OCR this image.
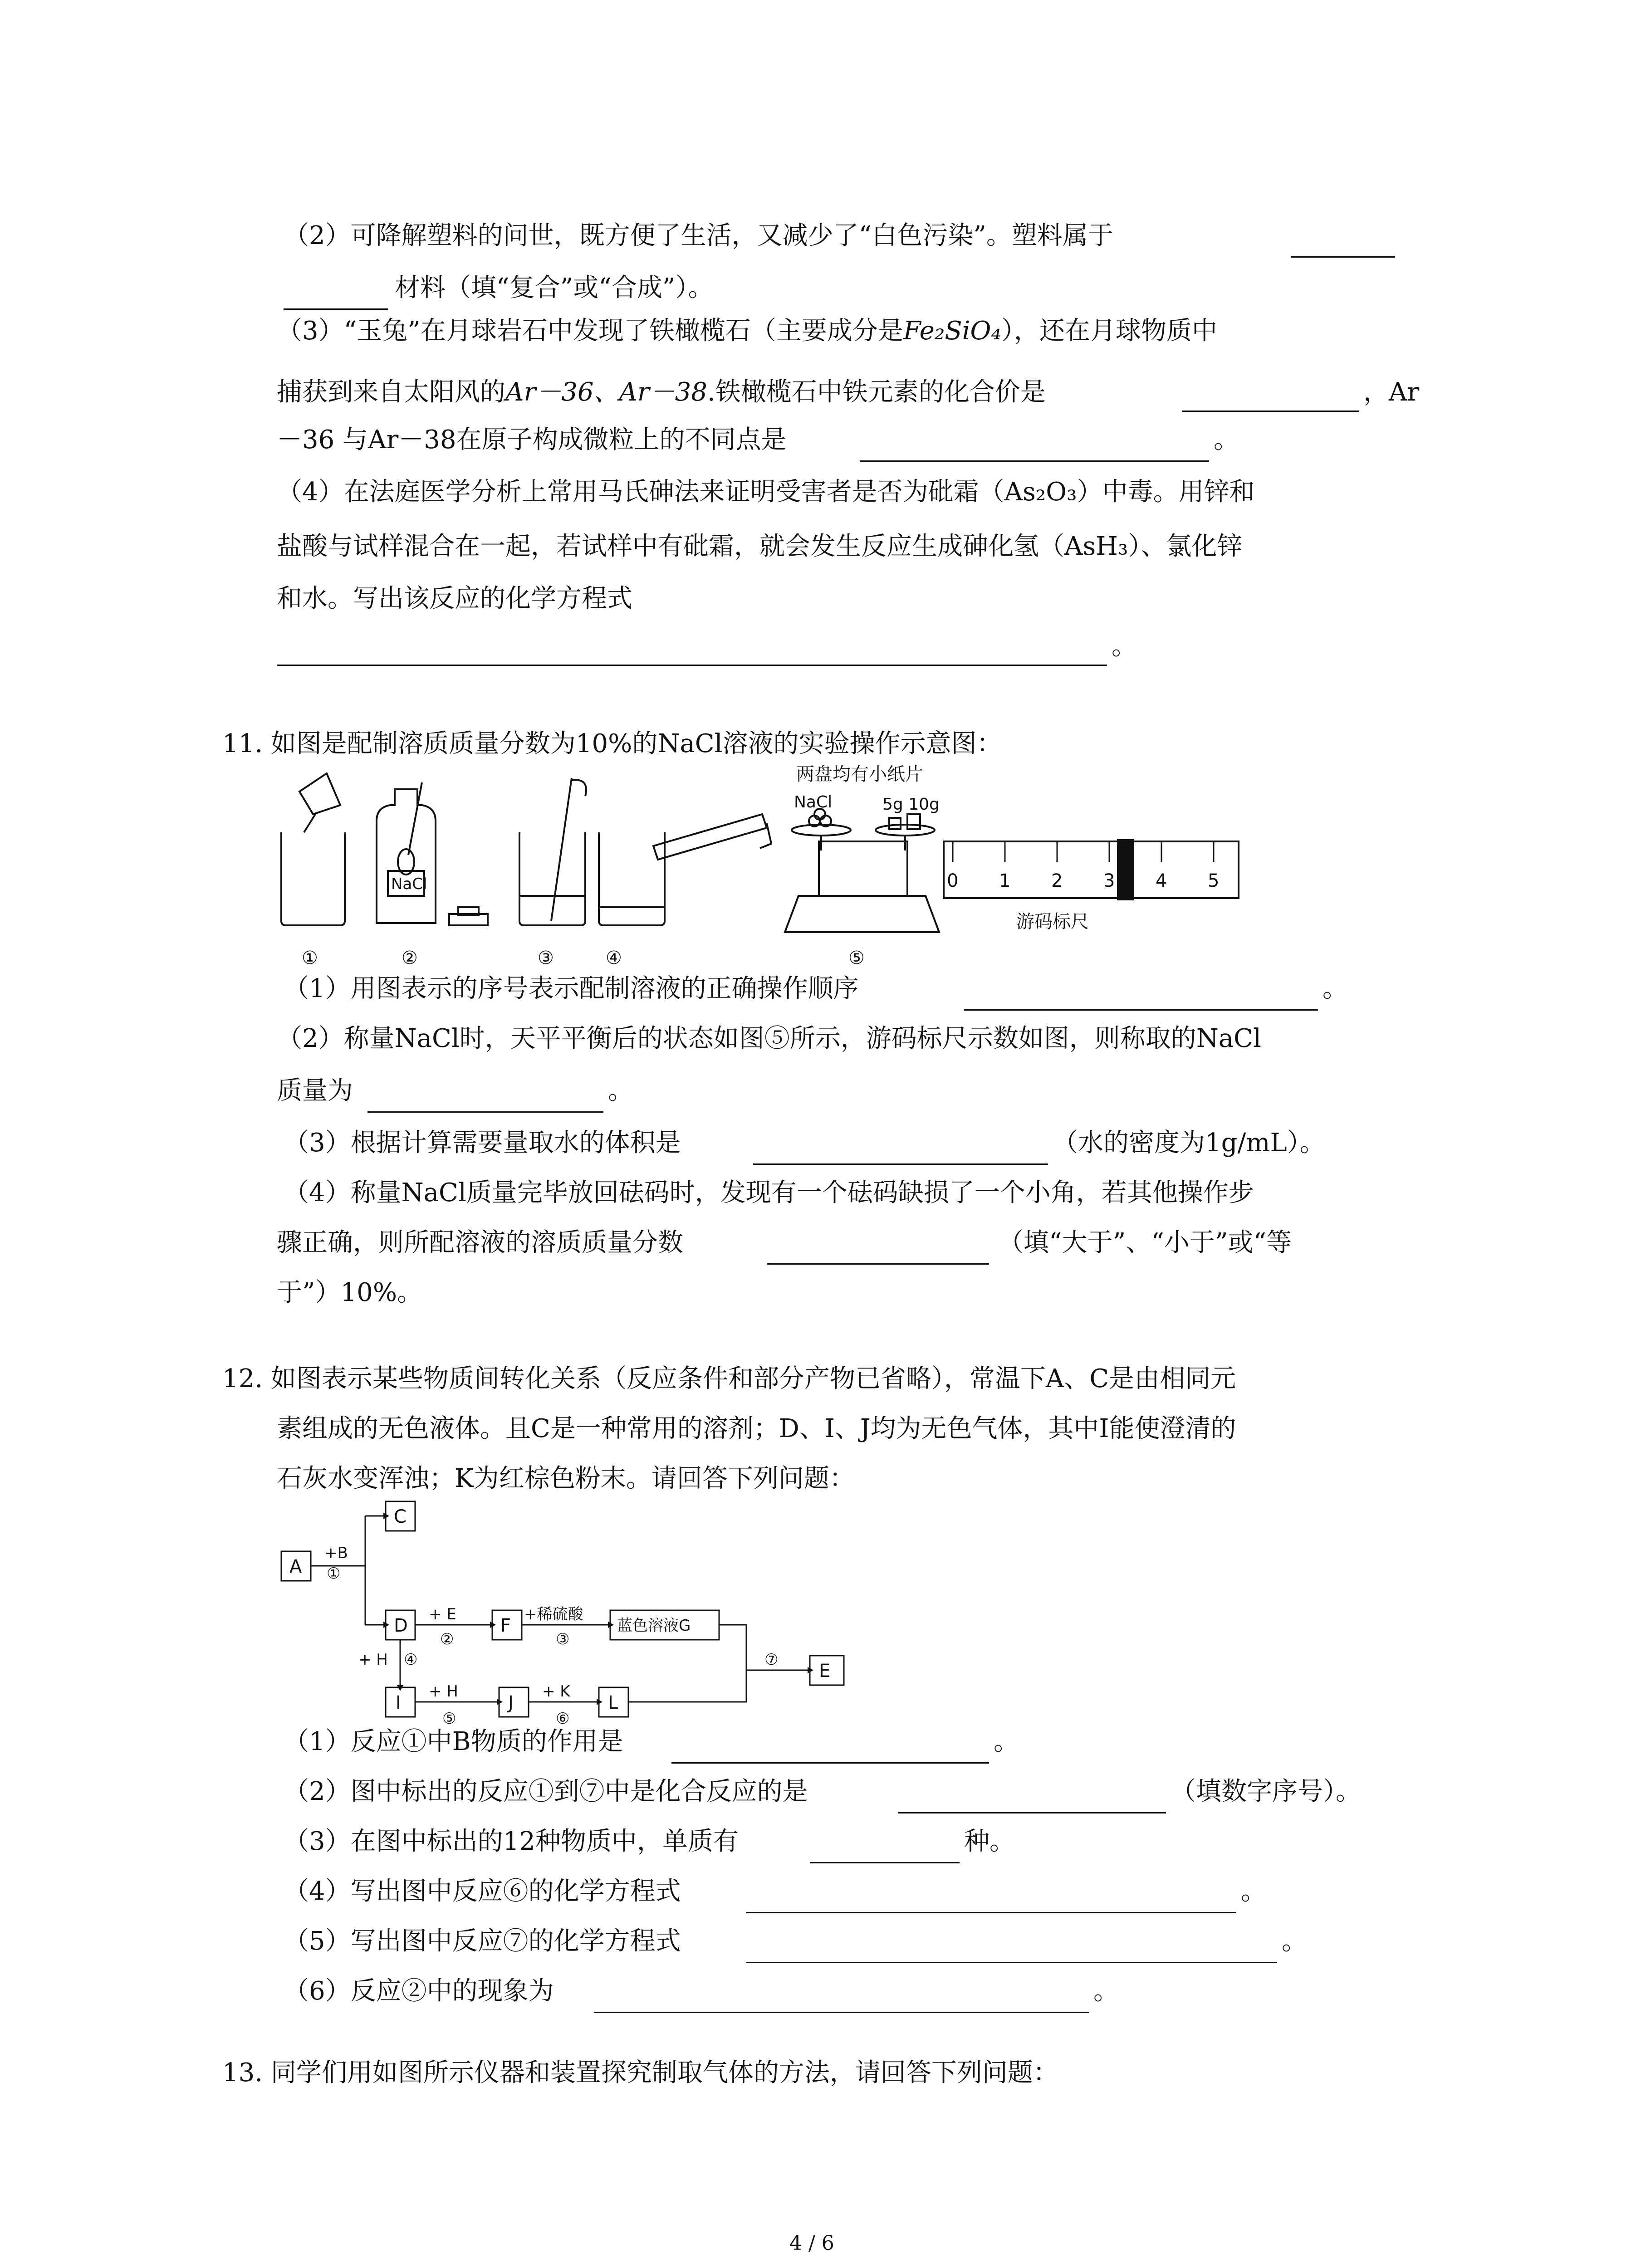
（2）可降解塑料的问世，既方便了生活，又减少了“白色污染”。塑料属于
材料（填“复合”或“合成”）。
（3）“玉兔”在月球岩石中发现了铁橄榄石（主要成分是Fe₂SiO₄），还在月球物质中
捕获到来自太阳风的Ar－36、Ar－38.铁橄榄石中铁元素的化合价是	，Ar
－36 与Ar－38在原子构成微粒上的不同点是	。
（4）在法庭医学分析上常用马氏砷法来证明受害者是否为砒霜（As₂O₃）中毒。用锌和
盐酸与试样混合在一起，若试样中有砒霜，就会发生反应生成砷化氢（AsH₃）、氯化锌
和水。写出该反应的化学方程式
。
11. 如图是配制溶质质量分数为10%的NaCl溶液的实验操作示意图：
0 1 2 3 4 5
游码标尺
两盘均有小纸片
NaCl	5g 10g
NaCl
①	②	③	④	⑤
（1）用图表示的序号表示配制溶液的正确操作顺序	。
（2）称量NaCl时，天平平衡后的状态如图⑤所示，游码标尺示数如图，则称取的NaCl
质量为	。
（3）根据计算需要量取水的体积是	（水的密度为1g/mL）。
（4）称量NaCl质量完毕放回砝码时，发现有一个砝码缺损了一个小角，若其他操作步
骤正确，则所配溶液的溶质质量分数	（填“大于”、“小于”或“等
于”）10%。
12. 如图表示某些物质间转化关系（反应条件和部分产物已省略），常温下A、C是由相同元
素组成的无色液体。且C是一种常用的溶剂；D、I、J均为无色气体，其中I能使澄清的
石灰水变浑浊；K为红棕色粉末。请回答下列问题：
A
+B
①
C
D
+ E
②
F
+稀硫酸
③
蓝色溶液G
⑦
E
+ H ④
I
+ H
⑤
J
+ K
⑥
L
（1）反应①中B物质的作用是	。
（2）图中标出的反应①到⑦中是化合反应的是	（填数字序号）。
（3）在图中标出的12种物质中，单质有	种。
（4）写出图中反应⑥的化学方程式	。
（5）写出图中反应⑦的化学方程式	。
（6）反应②中的现象为	。
13. 同学们用如图所示仪器和装置探究制取气体的方法，请回答下列问题：
4 / 6
